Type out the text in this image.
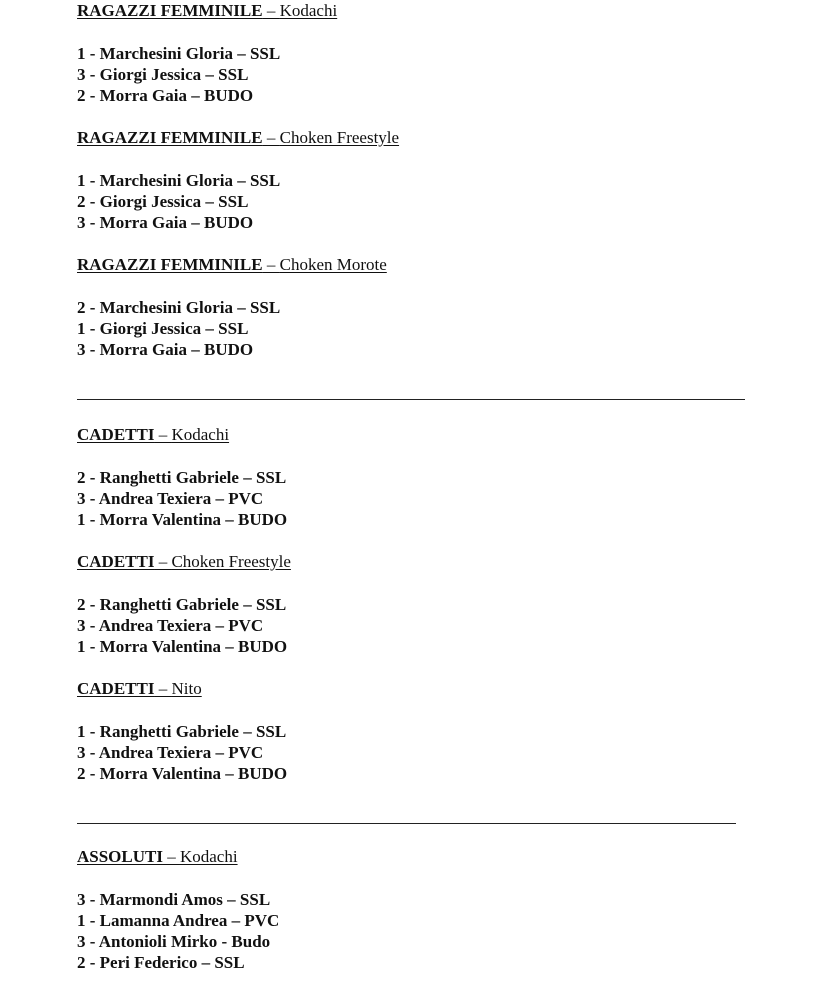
RAGAZZI FEMMINILE – Kodachi
1 - Marchesini Gloria – SSL
3 - Giorgi Jessica – SSL
2 - Morra Gaia – BUDO
RAGAZZI FEMMINILE – Choken Freestyle
1 - Marchesini Gloria – SSL
2 - Giorgi Jessica – SSL
3 - Morra Gaia – BUDO
RAGAZZI FEMMINILE – Choken Morote
2 - Marchesini Gloria – SSL
1 - Giorgi Jessica – SSL
3 - Morra Gaia – BUDO
CADETTI – Kodachi
2 - Ranghetti Gabriele – SSL
3 - Andrea Texiera – PVC
1 - Morra Valentina – BUDO
CADETTI – Choken Freestyle
2 - Ranghetti Gabriele – SSL
3 - Andrea Texiera – PVC
1 - Morra Valentina – BUDO
CADETTI – Nito
1 - Ranghetti Gabriele – SSL
3 - Andrea Texiera – PVC
2 - Morra Valentina – BUDO
ASSOLUTI – Kodachi
3 - Marmondi Amos – SSL
1 - Lamanna Andrea – PVC
3 - Antonioli Mirko - Budo
2 - Peri Federico – SSL
